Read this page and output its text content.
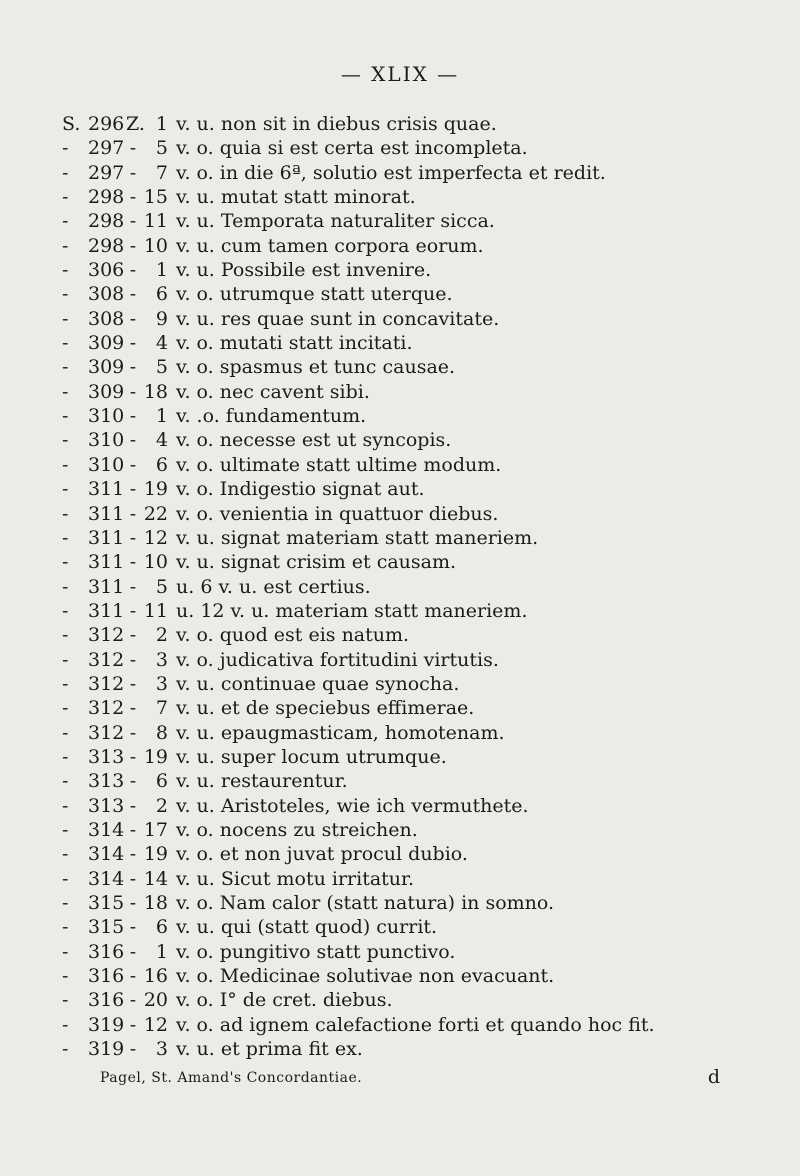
— XLIX —
S. 296 Z. 1 v. u. non sit in diebus crisis quae.
-	297 -	5 v. o. quia si est certa est incompleta.
-	297 -	7 v. o. in die 6ª, solutio est imperfecta et redit.
-	298 - 15 v. u. mutat statt minorat.
-	298 - 11 v. u. Temporata naturaliter sicca.
-	298 - 10 v. u. cum tamen corpora eorum.
-	306 -	1 v. u. Possibile est invenire.
-	308 -	6 v. o. utrumque statt uterque.
-	308 -	9 v. u. res quae sunt in concavitate.
-	309 -	4 v. o. mutati statt incitati.
-	309 -	5 v. o. spasmus et tunc causae.
-	309 - 18 v. o. nec cavent sibi.
-	310 -	1 v. .o. fundamentum.
-	310 -	4 v. o. necesse est ut syncopis.
-	310 -	6 v. o. ultimate statt ultime modum.
-	311 - 19 v. o. Indigestio signat aut.
-	311 - 22 v. o. venientia in quattuor diebus.
-	311 - 12 v. u. signat materiam statt maneriem.
-	311 - 10 v. u. signat crisim et causam.
-	311 -	5 u. 6 v. u. est certius.
-	311 - 11 u. 12 v. u. materiam statt maneriem.
-	312 -	2 v. o. quod est eis natum.
-	312 -	3 v. o. judicativa fortitudini virtutis.
-	312 -	3 v. u. continuae quae synocha.
-	312 -	7 v. u. et de speciebus effimerae.
-	312 -	8 v. u. epaugmasticam, homotenam.
-	313 - 19 v. u. super locum utrumque.
-	313 -	6 v. u. restaurentur.
-	313 -	2 v. u. Aristoteles, wie ich vermuthete.
-	314 - 17 v. o. nocens zu streichen.
-	314 - 19 v. o. et non juvat procul dubio.
-	314 - 14 v. u. Sicut motu irritatur.
-	315 - 18 v. o. Nam calor (statt natura) in somno.
-	315 -	6 v. u. qui (statt quod) currit.
-	316 -	1 v. o. pungitivo statt punctivo.
-	316 - 16 v. o. Medicinae solutivae non evacuant.
-	316 - 20 v. o. I° de cret. diebus.
-	319 - 12 v. o. ad ignem calefactione forti et quando hoc fit.
-	319 -	3 v. u. et prima fit ex.
Pagel, St. Amand's Concordantiae.	d
